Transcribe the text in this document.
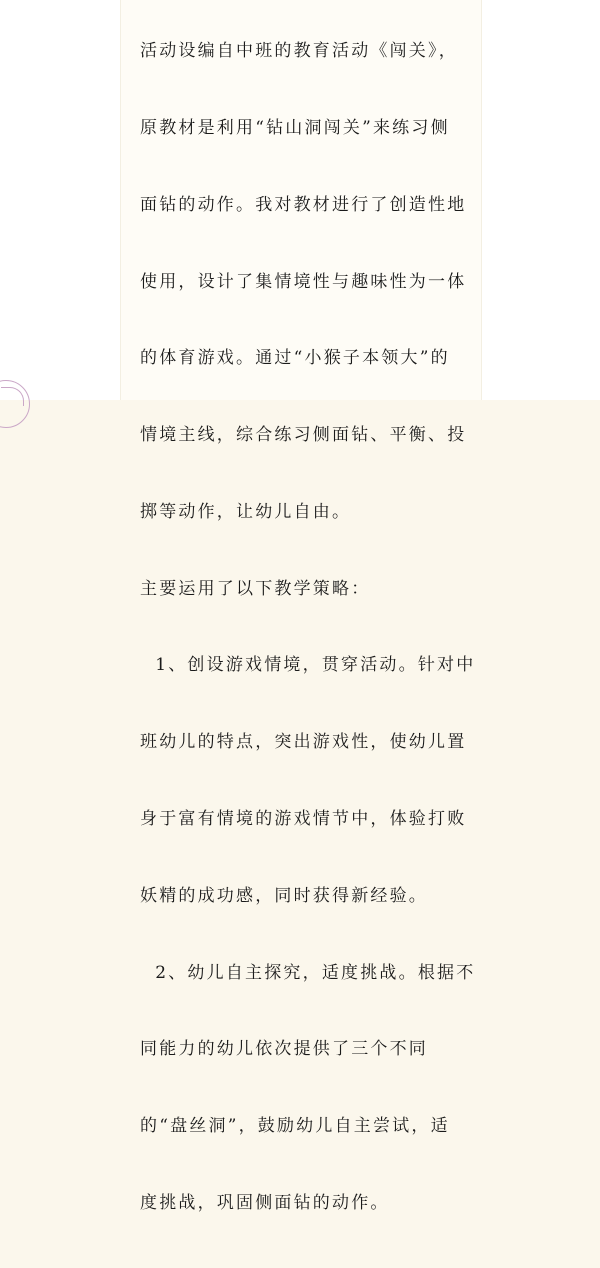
活动设编自中班的教育活动《闯关》，

原教材是利用“钻山洞闯关”来练习侧

面钻的动作。我对教材进行了创造性地

使用，设计了集情境性与趣味性为一体

的体育游戏。通过“小猴子本领大”的

情境主线，综合练习侧面钻、平衡、投

掷等动作，让幼儿自由。

主要运用了以下教学策略：

1、创设游戏情境，贯穿活动。针对中

班幼儿的特点，突出游戏性，使幼儿置

身于富有情境的游戏情节中，体验打败

妖精的成功感，同时获得新经验。

2、幼儿自主探究，适度挑战。根据不

同能力的幼儿依次提供了三个不同

的“盘丝洞”，鼓励幼儿自主尝试，适

度挑战，巩固侧面钻的动作。
